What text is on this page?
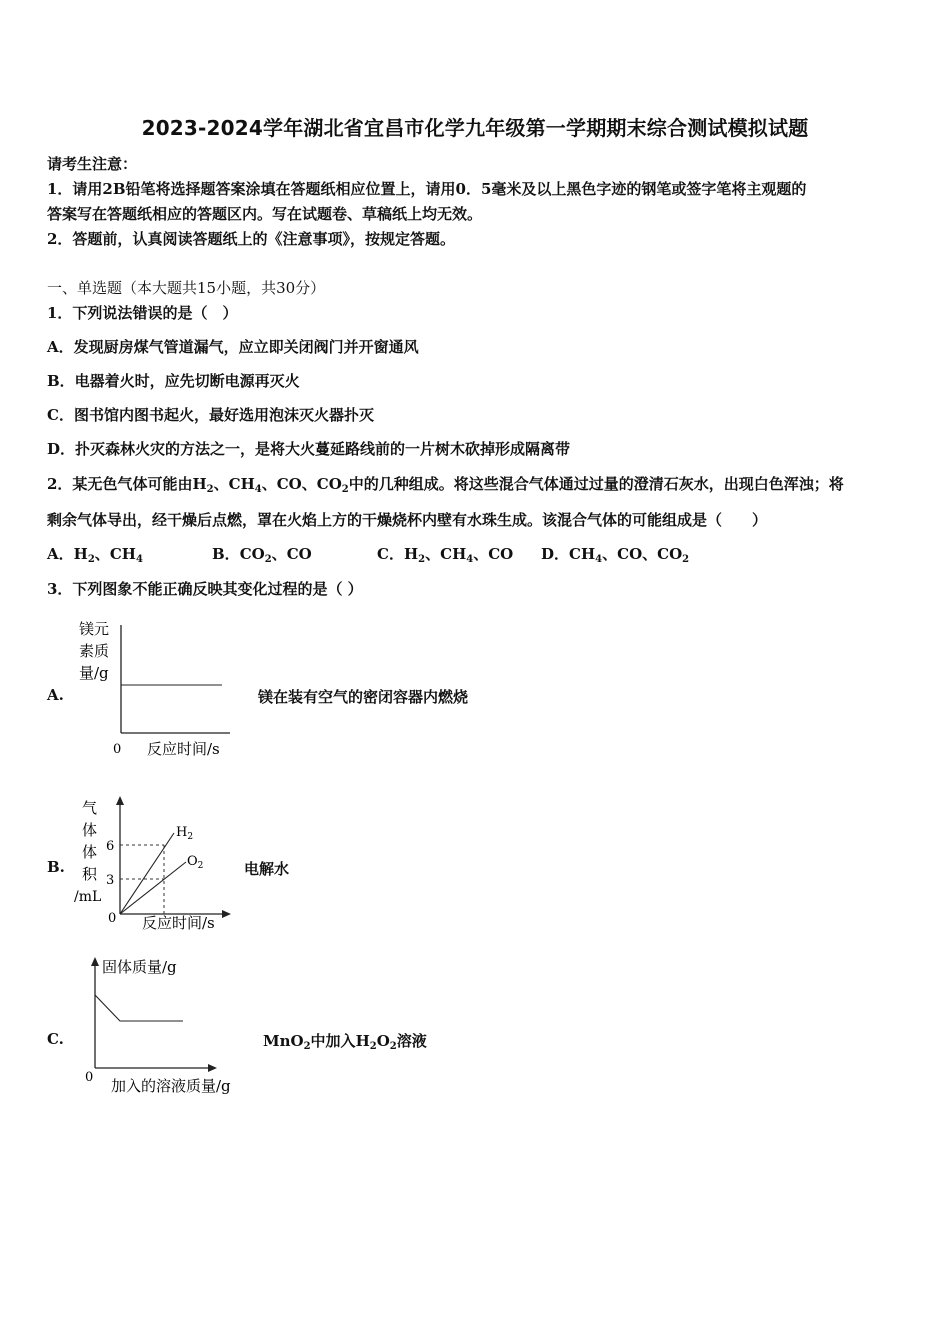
2023-2024学年湖北省宜昌市化学九年级第一学期期末综合测试模拟试题
请考生注意：
1．请用2B铅笔将选择题答案涂填在答题纸相应位置上，请用0．5毫米及以上黑色字迹的钢笔或签字笔将主观题的
答案写在答题纸相应的答题区内。写在试题卷、草稿纸上均无效。
2．答题前，认真阅读答题纸上的《注意事项》，按规定答题。
一、单选题（本大题共15小题，共30分）
1．下列说法错误的是（　）
A．发现厨房煤气管道漏气，应立即关闭阀门并开窗通风
B．电器着火时，应先切断电源再灭火
C．图书馆内图书起火，最好选用泡沫灭火器扑灭
D．扑灭森林火灾的方法之一，是将大火蔓延路线前的一片树木砍掉形成隔离带
2．某无色气体可能由$H_2$、$CH_4$、CO、$CO_2$中的几种组成。将这些混合气体通过过量的澄清石灰水，出现白色浑浊；将
剩余气体导出，经干燥后点燃，罩在火焰上方的干燥烧杯内壁有水珠生成。该混合气体的可能组成是（　　）
A．$H_2$、$CH_4$	B．$CO_2$、CO	C．$H_2$、$CH_4$、CO D．$CH_4$、CO、$CO_2$
3．下列图象不能正确反映其变化过程的是（ ）
A.
镁元
素质
量/g
0 反应时间/s
镁在装有空气的密闭容器内燃烧
B.
气
体
体
积
/mL
6
3
$H_2$
$O_2$
0 反应时间/s
电解水
C.
固体质量/g
0 加入的溶液质量/g
MnO$_2$中加入$H_2O_2$溶液
